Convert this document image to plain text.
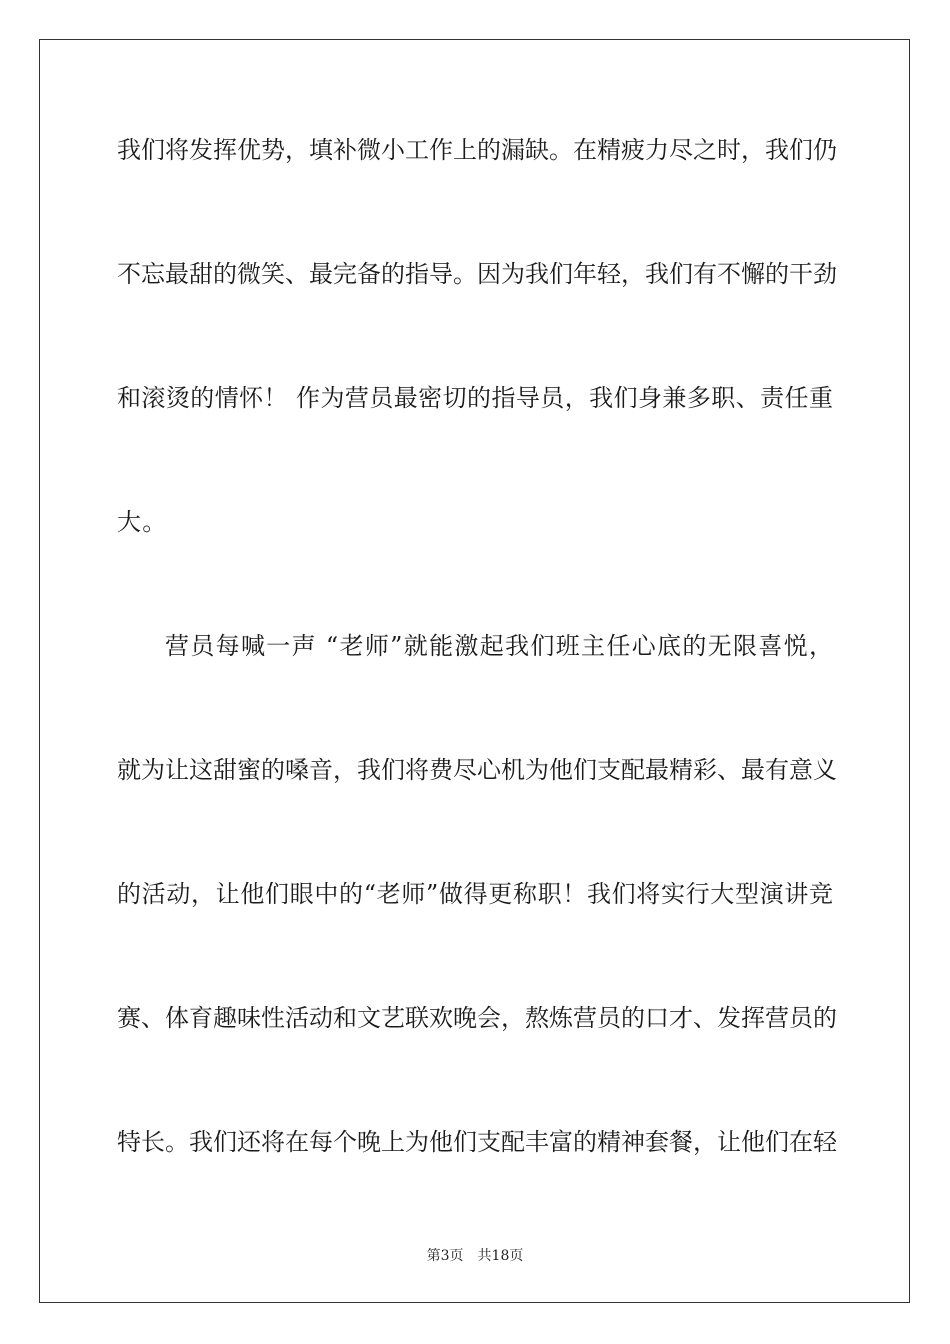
我们将发挥优势，填补微小工作上的漏缺。在精疲力尽之时，我们仍
不忘最甜的微笑、最完备的指导。因为我们年轻，我们有不懈的干劲
和滚烫的情怀！ 作为营员最密切的指导员，我们身兼多职、责任重
大。
营员每喊一声 “老师”就能激起我们班主任心底的无限喜悦，
就为让这甜蜜的嗓音，我们将费尽心机为他们支配最精彩、最有意义
的活动，让他们眼中的“老师”做得更称职！我们将实行大型演讲竞
赛、体育趣味性活动和文艺联欢晚会，熬炼营员的口才、发挥营员的
特长。我们还将在每个晚上为他们支配丰富的精神套餐，让他们在轻
第3页 共18页
